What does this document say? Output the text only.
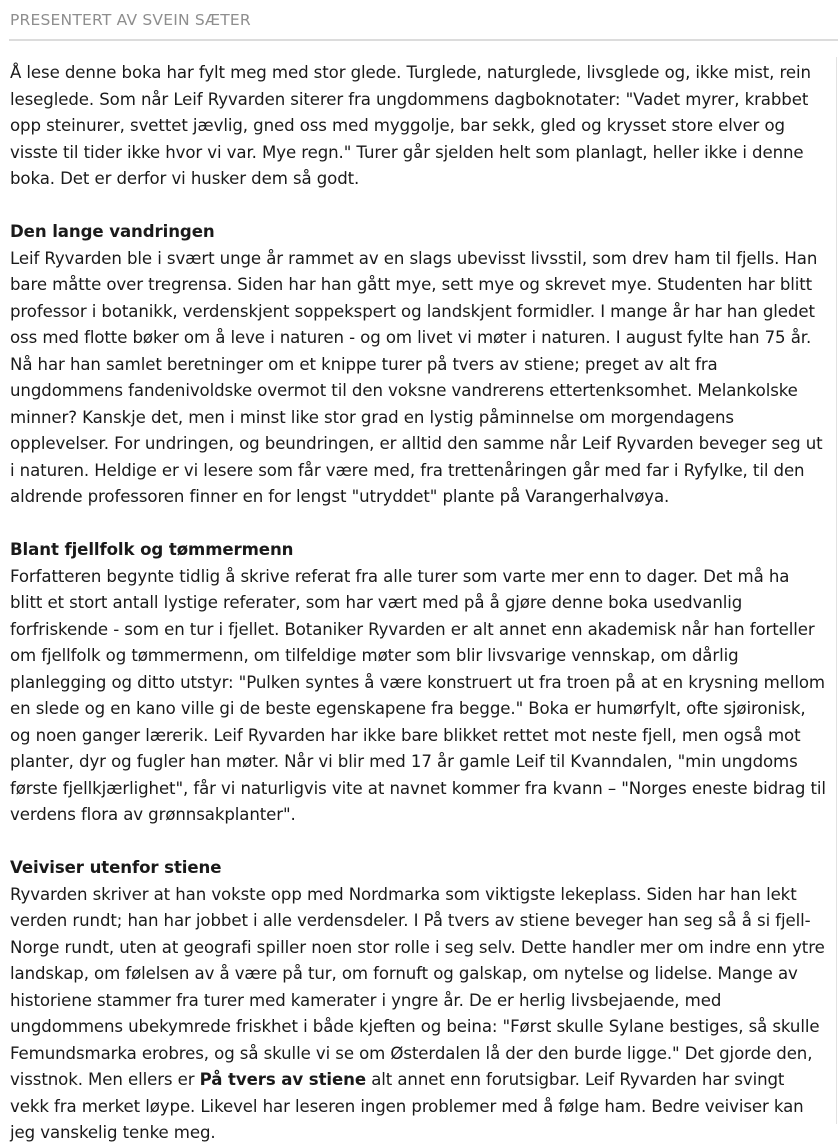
PRESENTERT AV SVEIN SÆTER

Å lese denne boka har fylt meg med stor glede. Turglede, naturglede, livsglede og, ikke mist, rein leseglede. Som når Leif Ryvarden siterer fra ungdommens dagboknotater: "Vadet myrer, krabbet opp steinurer, svettet jævlig, gned oss med myggolje, bar sekk, gled og krysset store elver og visste til tider ikke hvor vi var. Mye regn." Turer går sjelden helt som planlagt, heller ikke i denne boka. Det er derfor vi husker dem så godt.

Den lange vandringen

Leif Ryvarden ble i svært unge år rammet av en slags ubevisst livsstil, som drev ham til fjells. Han bare måtte over tregrensa. Siden har han gått mye, sett mye og skrevet mye. Studenten har blitt professor i botanikk, verdenskjent soppekspert og landskjent formidler. I mange år har han gledet oss med flotte bøker om å leve i naturen - og om livet vi møter i naturen. I august fylte han 75 år. Nå har han samlet beretninger om et knippe turer på tvers av stiene; preget av alt fra ungdommens fandenivoldske overmot til den voksne vandrerens ettertenksomhet. Melankolske minner? Kanskje det, men i minst like stor grad en lystig påminnelse om morgendagens opplevelser. For undringen, og beundringen, er alltid den samme når Leif Ryvarden beveger seg ut i naturen. Heldige er vi lesere som får være med, fra trettenåringen går med far i Ryfylke, til den aldrende professoren finner en for lengst "utryddet" plante på Varangerhalvøya.

Blant fjellfolk og tømmermenn

Forfatteren begynte tidlig å skrive referat fra alle turer som varte mer enn to dager. Det må ha blitt et stort antall lystige referater, som har vært med på å gjøre denne boka usedvanlig forfriskende - som en tur i fjellet. Botaniker Ryvarden er alt annet enn akademisk når han forteller om fjellfolk og tømmermenn, om tilfeldige møter som blir livsvarige vennskap, om dårlig planlegging og ditto utstyr: "Pulken syntes å være konstruert ut fra troen på at en krysning mellom en slede og en kano ville gi de beste egenskapene fra begge." Boka er humørfylt, ofte sjøironisk, og noen ganger lærerik. Leif Ryvarden har ikke bare blikket rettet mot neste fjell, men også mot planter, dyr og fugler han møter. Når vi blir med 17 år gamle Leif til Kvanndalen, "min ungdoms første fjellkjærlighet", får vi naturligvis vite at navnet kommer fra kvann – "Norges eneste bidrag til verdens flora av grønnsakplanter".

Veiviser utenfor stiene

Ryvarden skriver at han vokste opp med Nordmarka som viktigste lekeplass. Siden har han lekt verden rundt; han har jobbet i alle verdensdeler. I På tvers av stiene beveger han seg så å si fjell-Norge rundt, uten at geografi spiller noen stor rolle i seg selv. Dette handler mer om indre enn ytre landskap, om følelsen av å være på tur, om fornuft og galskap, om nytelse og lidelse. Mange av historiene stammer fra turer med kamerater i yngre år. De er herlig livsbejaende, med ungdommens ubekymrede friskhet i både kjeften og beina: "Først skulle Sylane bestiges, så skulle Femundsmarka erobres, og så skulle vi se om Østerdalen lå der den burde ligge." Det gjorde den, visstnok. Men ellers er På tvers av stiene alt annet enn forutsigbar. Leif Ryvarden har svingt vekk fra merket løype. Likevel har leseren ingen problemer med å følge ham. Bedre veiviser kan jeg vanskelig tenke meg.
